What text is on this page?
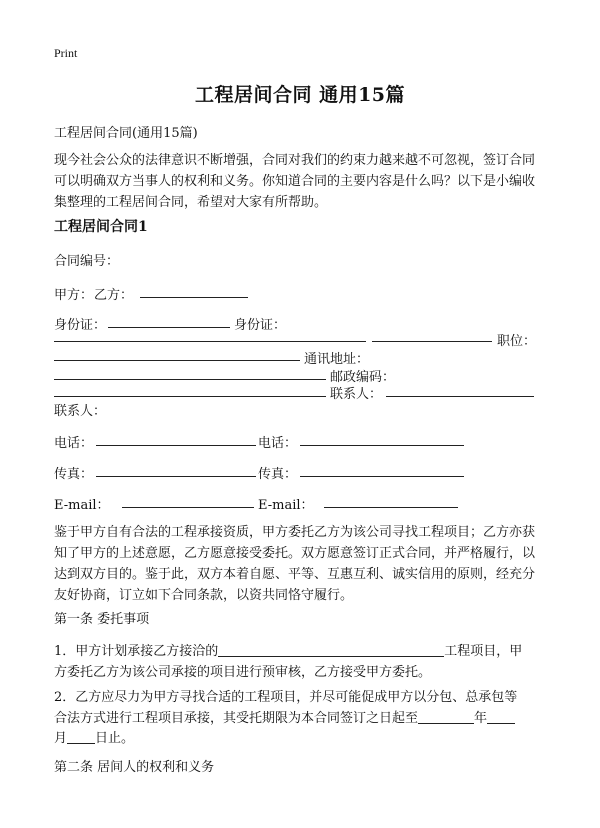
Print
工程居间合同 通用15篇
工程居间合同(通用15篇)
现今社会公众的法律意识不断增强，合同对我们的约束力越来越不可忽视，签订合同可以明确双方当事人的权利和义务。你知道合同的主要内容是什么吗？以下是小编收集整理的工程居间合同，希望对大家有所帮助。
工程居间合同1
合同编号：
甲方： 乙方：
身份证：	身份证：
职位：
通讯地址：
邮政编码：
联系人：
联系人：
电话：	电话：
传真：	传真：
E-mail：	E-mail：
鉴于甲方自有合法的工程承接资质，甲方委托乙方为该公司寻找工程项目；乙方亦获知了甲方的上述意愿，乙方愿意接受委托。双方愿意签订正式合同，并严格履行，以达到双方目的。鉴于此，双方本着自愿、平等、互惠互利、诚实信用的原则，经充分友好协商，订立如下合同条款，以资共同恪守履行。
第一条 委托事项
1．甲方计划承接乙方接洽的	工程项目，甲
方委托乙方为该公司承接的项目进行预审核，乙方接受甲方委托。
2．乙方应尽力为甲方寻找合适的工程项目，并尽可能促成甲方以分包、总承包等
合法方式进行工程项目承接，其受托期限为本合同签订之日起至	年
月 日止。
第二条 居间人的权利和义务
